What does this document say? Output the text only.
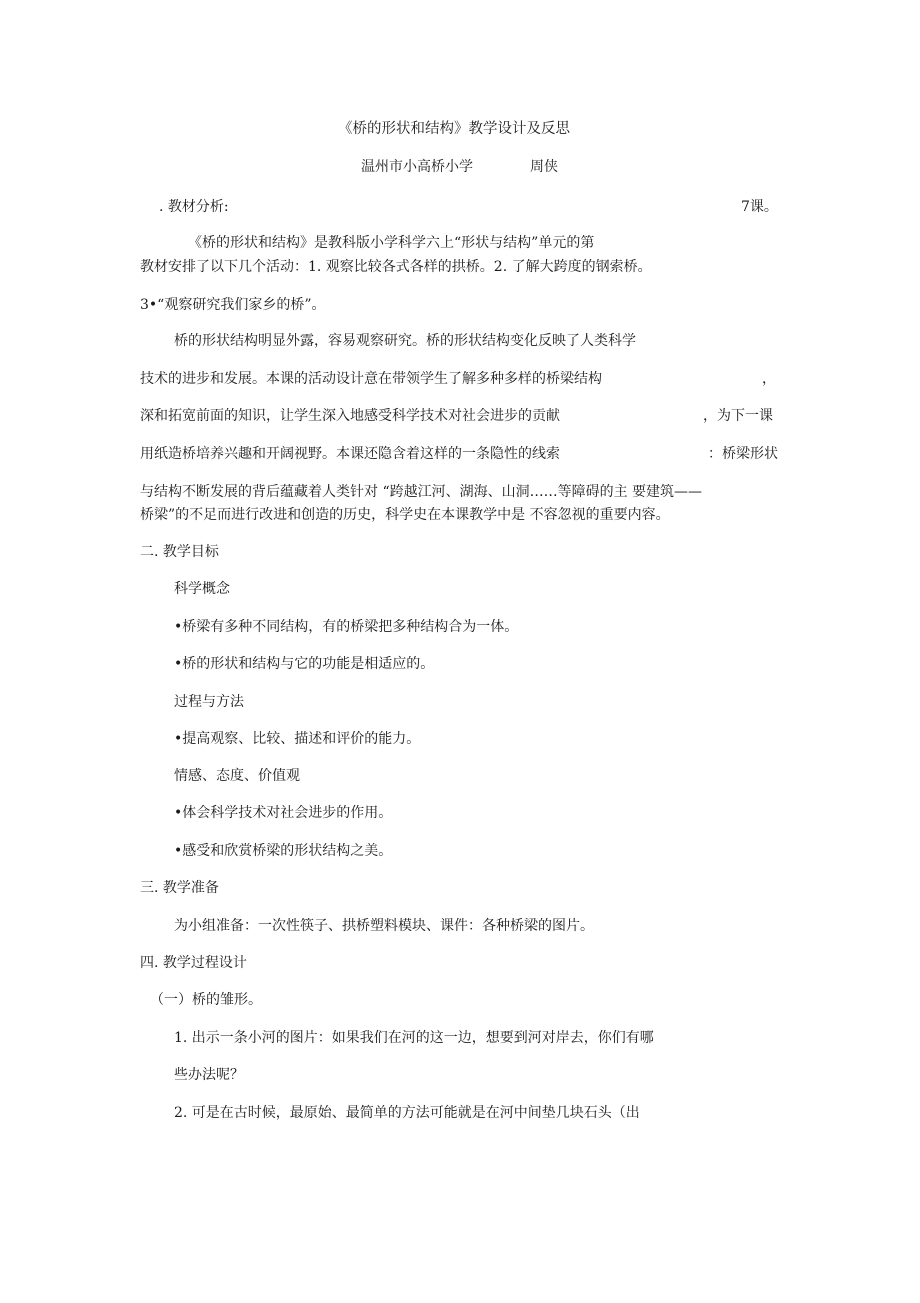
《桥的形状和结构》教学设计及反思
温州市小高桥小学	周侠
. 教材分析:	7课。
《桥的形状和结构》是教科版小学科学六上“形状与结构”单元的第
教材安排了以下几个活动：1. 观察比较各式各样的拱桥。2. 了解大跨度的钢索桥。
3•“观察研究我们家乡的桥”。
桥的形状结构明显外露，容易观察研究。桥的形状结构变化反映了人类科学
技术的进步和发展。本课的活动设计意在带领学生了解多种多样的桥梁结构	，
深和拓宽前面的知识，让学生深入地感受科学技术对社会进步的贡献	，为下一课
用纸造桥培养兴趣和开阔视野。本课还隐含着这样的一条隐性的线索	：桥梁形状
与结构不断发展的背后蕴藏着人类针对 “跨越江河、湖海、山洞……等障碍的主 要建筑——
桥梁”的不足而进行改进和创造的历史，科学史在本课教学中是 不容忽视的重要内容。
二. 教学目标
科学概念
•桥梁有多种不同结构，有的桥梁把多种结构合为一体。
•桥的形状和结构与它的功能是相适应的。
过程与方法
•提高观察、比较、描述和评价的能力。
情感、态度、价值观
•体会科学技术对社会进步的作用。
•感受和欣赏桥梁的形状结构之美。
三. 教学准备
为小组准备：一次性筷子、拱桥塑料模块、课件：各种桥梁的图片。
四. 教学过程设计
（一）桥的雏形。
1. 出示一条小河的图片：如果我们在河的这一边，想要到河对岸去，你们有哪
些办法呢？
2. 可是在古时候，最原始、最简单的方法可能就是在河中间垫几块石头（出
